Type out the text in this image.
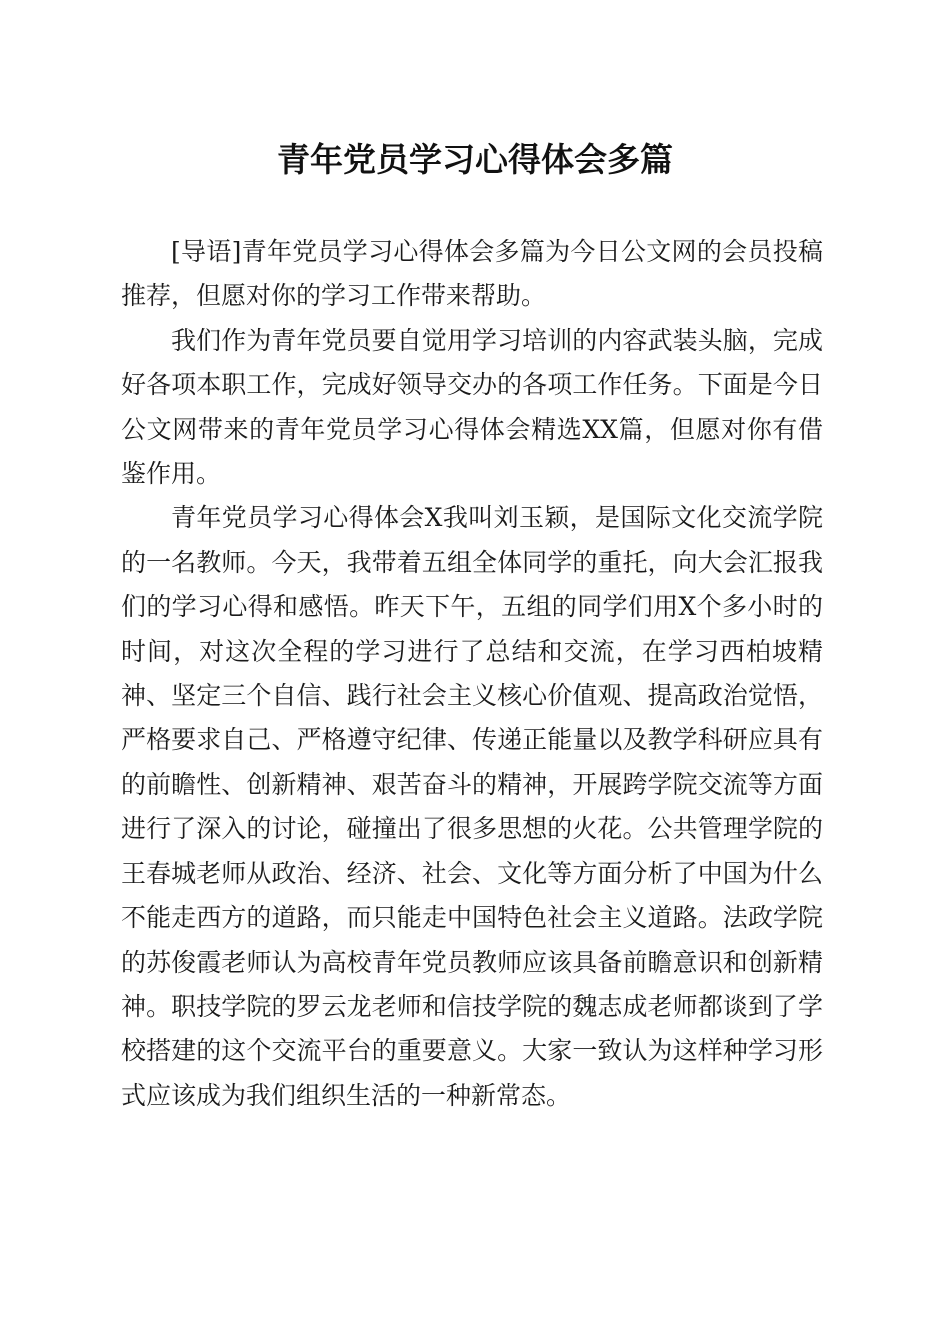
青年党员学习心得体会多篇

[导语]青年党员学习心得体会多篇为今日公文网的会员投稿推荐，但愿对你的学习工作带来帮助。

我们作为青年党员要自觉用学习培训的内容武装头脑，完成好各项本职工作，完成好领导交办的各项工作任务。下面是今日公文网带来的青年党员学习心得体会精选XX篇，但愿对你有借鉴作用。

青年党员学习心得体会X我叫刘玉颖，是国际文化交流学院的一名教师。今天，我带着五组全体同学的重托，向大会汇报我们的学习心得和感悟。昨天下午，五组的同学们用X个多小时的时间，对这次全程的学习进行了总结和交流，在学习西柏坡精神、坚定三个自信、践行社会主义核心价值观、提高政治觉悟，严格要求自己、严格遵守纪律、传递正能量以及教学科研应具有的前瞻性、创新精神、艰苦奋斗的精神，开展跨学院交流等方面进行了深入的讨论，碰撞出了很多思想的火花。公共管理学院的王春城老师从政治、经济、社会、文化等方面分析了中国为什么不能走西方的道路，而只能走中国特色社会主义道路。法政学院的苏俊霞老师认为高校青年党员教师应该具备前瞻意识和创新精神。职技学院的罗云龙老师和信技学院的魏志成老师都谈到了学校搭建的这个交流平台的重要意义。大家一致认为这样种学习形式应该成为我们组织生活的一种新常态。
